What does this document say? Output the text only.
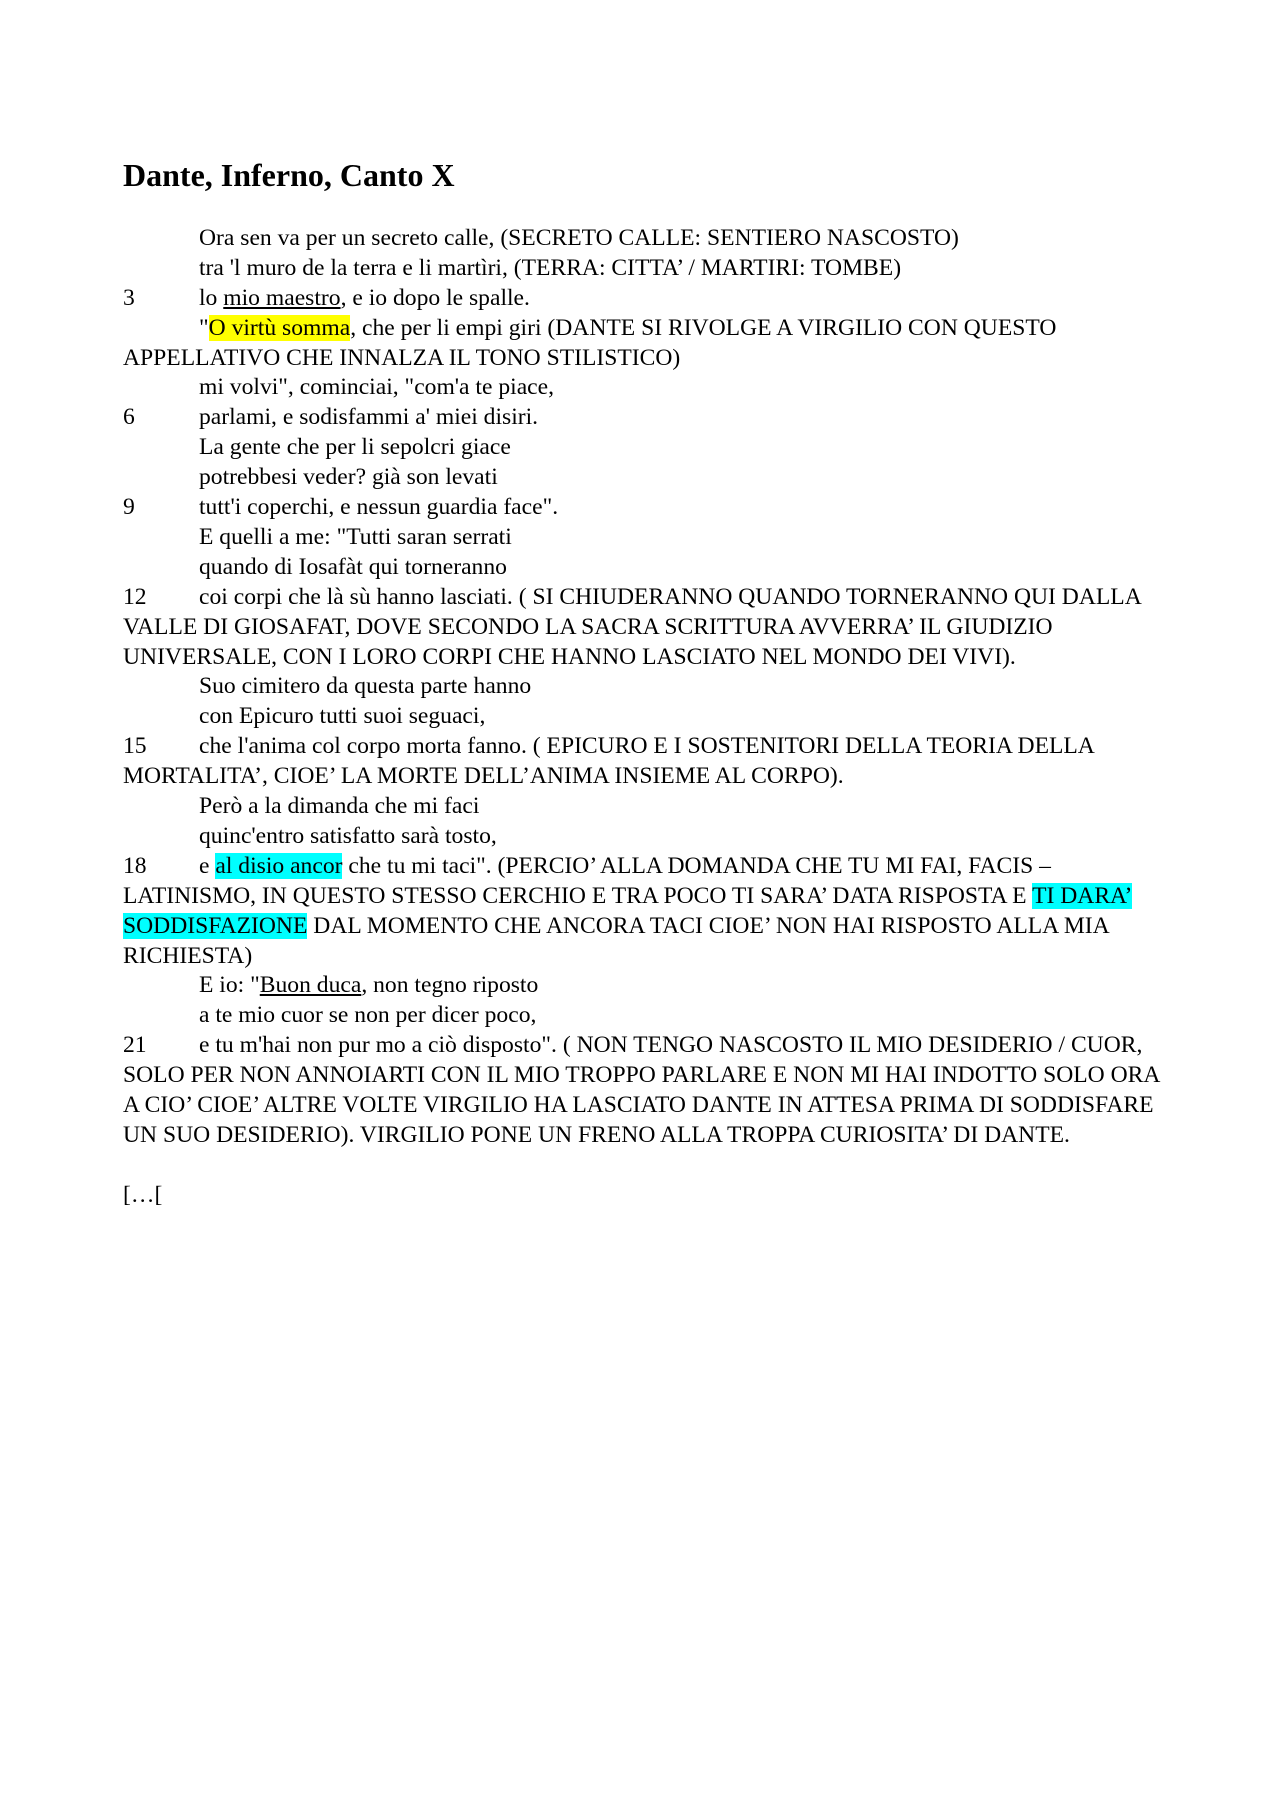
Dante, Inferno, Canto X
Ora sen va per un secreto calle, (SECRETO CALLE: SENTIERO NASCOSTO)
tra 'l muro de la terra e li martìri, (TERRA: CITTA’ / MARTIRI: TOMBE)
3	lo mio maestro, e io dopo le spalle.
"O virtù somma, che per li empi giri (DANTE SI RIVOLGE A VIRGILIO CON QUESTO APPELLATIVO CHE INNALZA IL TONO STILISTICO)
mi volvi", cominciai, "com'a te piace,
6	parlami, e sodisfammi a' miei disiri.
La gente che per li sepolcri giace
potrebbesi veder? già son levati
9	tutt'i coperchi, e nessun guardia face".
E quelli a me: "Tutti saran serrati
quando di Iosafàt qui torneranno
12 coi corpi che là sù hanno lasciati. ( SI CHIUDERANNO QUANDO TORNERANNO QUI DALLA VALLE DI GIOSAFAT, DOVE SECONDO LA SACRA SCRITTURA AVVERRA’ IL GIUDIZIO UNIVERSALE, CON I LORO CORPI CHE HANNO LASCIATO NEL MONDO DEI VIVI).
Suo cimitero da questa parte hanno
con Epicuro tutti suoi seguaci,
15 che l'anima col corpo morta fanno. ( EPICURO E I SOSTENITORI DELLA TEORIA DELLA MORTALITA’, CIOE’ LA MORTE DELL’ANIMA INSIEME AL CORPO).
Però a la dimanda che mi faci
quinc'entro satisfatto sarà tosto,
18 e al disio ancor che tu mi taci". (PERCIO’ ALLA DOMANDA CHE TU MI FAI, FACIS – LATINISMO, IN QUESTO STESSO CERCHIO E TRA POCO TI SARA’ DATA RISPOSTA E TI DARA’ SODDISFAZIONE DAL MOMENTO CHE ANCORA TACI CIOE’ NON HAI RISPOSTO ALLA MIA RICHIESTA)
E io: "Buon duca, non tegno riposto
a te mio cuor se non per dicer poco,
21 e tu m'hai non pur mo a ciò disposto". ( NON TENGO NASCOSTO IL MIO DESIDERIO / CUOR, SOLO PER NON ANNOIARTI CON IL MIO TROPPO PARLARE E NON MI HAI INDOTTO SOLO ORA A CIO’ CIOE’ ALTRE VOLTE VIRGILIO HA LASCIATO DANTE IN ATTESA PRIMA DI SODDISFARE UN SUO DESIDERIO). VIRGILIO PONE UN FRENO ALLA TROPPA CURIOSITA’ DI DANTE.
[…[
